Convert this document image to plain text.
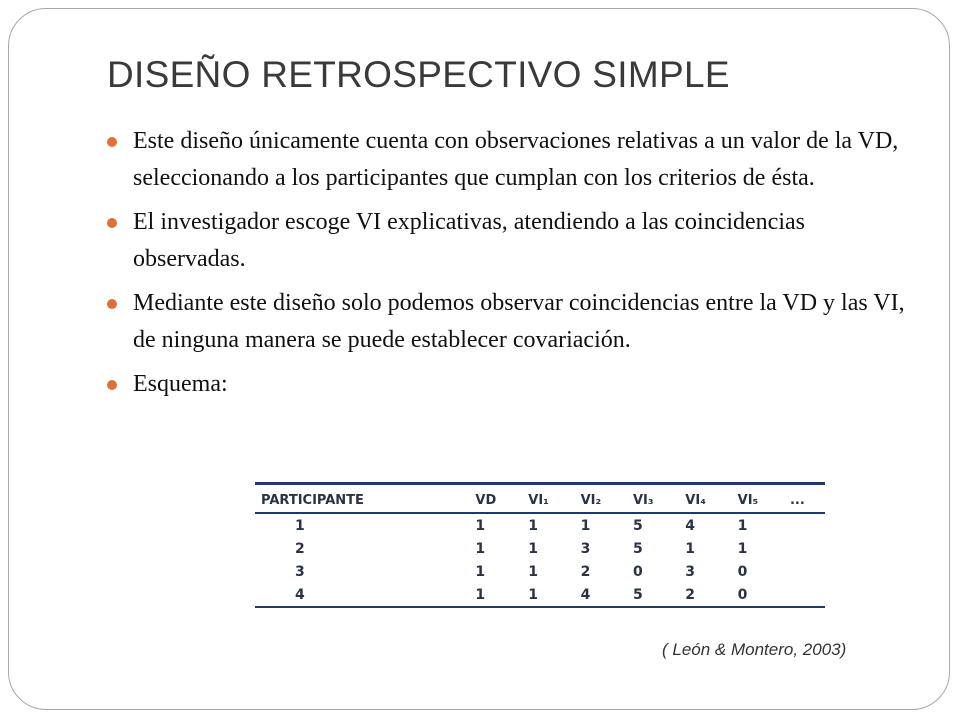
DISEÑO RETROSPECTIVO SIMPLE
Este diseño únicamente cuenta con observaciones relativas a un valor de la VD, seleccionando a los participantes que cumplan con los criterios de ésta.
El investigador escoge VI explicativas, atendiendo a las coincidencias observadas.
Mediante este diseño solo podemos observar coincidencias entre la VD y las VI, de ninguna manera se puede establecer covariación.
Esquema:
PARTICIPANTE	VD	VI₁	VI₂	VI₃	VI₄	VI₅	...
1	1	1	1	5	4	1	
2	1	1	3	5	1	1	
3	1	1	2	0	3	0	
4	1	1	4	5	2	0	
( León & Montero, 2003)
